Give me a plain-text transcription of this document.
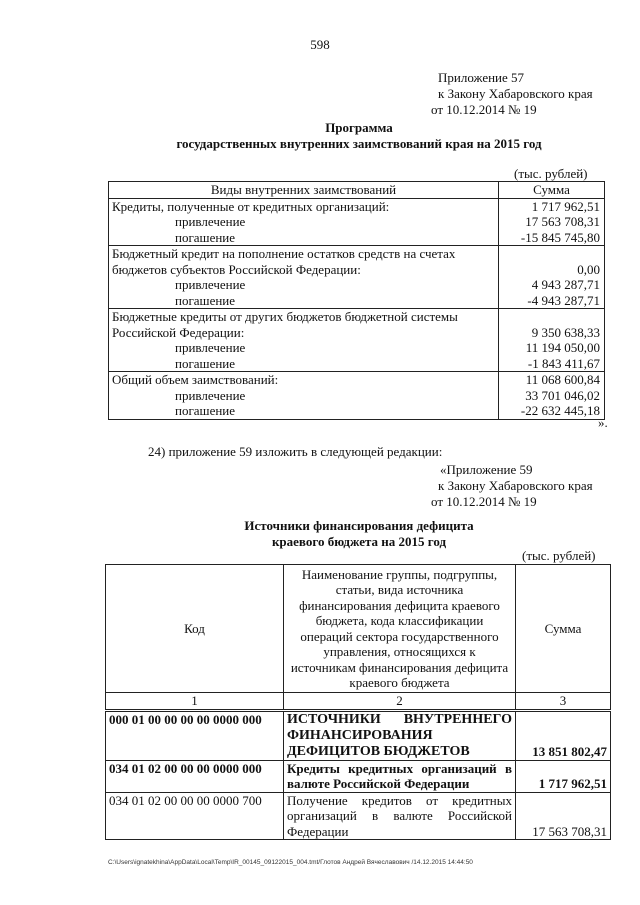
598
Приложение 57
к Закону Хабаровского края
от 10.12.2014 № 19
Программа
государственных внутренних заимствований края на 2015 год
(тыс. рублей)
Виды внутренних заимствований	Сумма
Кредиты, полученные от кредитных организаций:	1 717 962,51
привлечение	17 563 708,31
погашение	-15 845 745,80
Бюджетный кредит на пополнение остатков средств на счетах	
бюджетов субъектов Российской Федерации:	0,00
привлечение	4 943 287,71
погашение	-4 943 287,71
Бюджетные кредиты от других бюджетов бюджетной системы	
Российской Федерации:	9 350 638,33
привлечение	11 194 050,00
погашение	-1 843 411,67
Общий объем заимствований:	11 068 600,84
привлечение	33 701 046,02
погашение	-22 632 445,18
».
24) приложение 59 изложить в следующей редакции:
«Приложение 59
к Закону Хабаровского края
от 10.12.2014 № 19
Источники финансирования дефицита
краевого бюджета на 2015 год
(тыс. рублей)
Код	Наименование группы, подгруппы, статьи, вида источника финансирования дефицита краевого бюджета, кода классификации операций сектора государственного управления, относящихся к источникам финансирования дефицита краевого бюджета	Сумма
1	2	3
000 01 00 00 00 00 0000 000	ИСТОЧНИКИ ВНУТРЕННЕГО ФИНАНСИРОВАНИЯ ДЕФИЦИТОВ БЮДЖЕТОВ	13 851 802,47
034 01 02 00 00 00 0000 000	Кредиты кредитных организаций в валюте Российской Федерации	1 717 962,51
034 01 02 00 00 00 0000 700	Получение кредитов от кредитных организаций в валюте Российской Федерации	17 563 708,31
C:\Users\ignatekhina\AppData\Local\Temp\IR_00145_09122015_004.tmt/Глотов Андрей Вячеславович /14.12.2015 14:44:50
